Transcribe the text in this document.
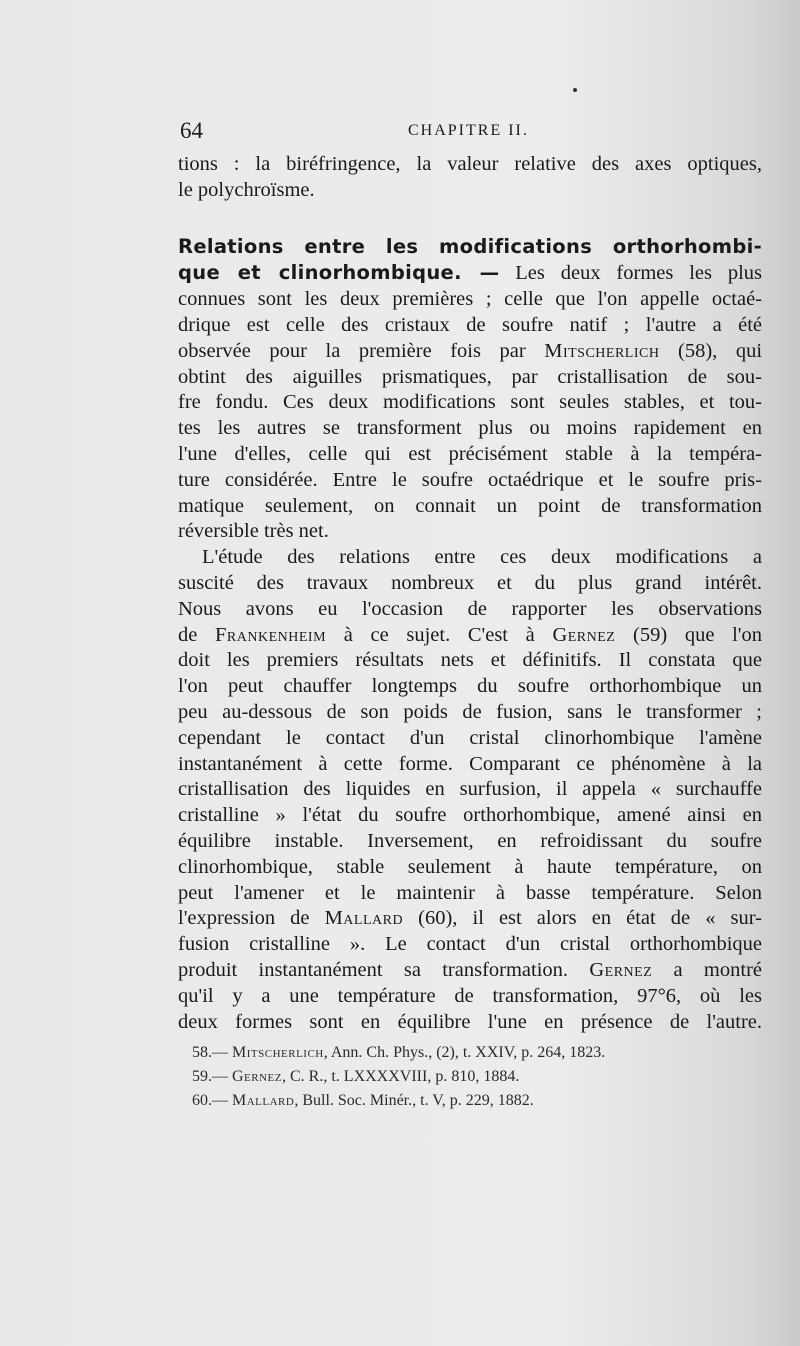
64	CHAPITRE II.
tions : la biréfringence, la valeur relative des axes optiques,
le polychroïsme.
Relations entre les modifications orthorhombi-
que et clinorhombique. — Les deux formes les plus
connues sont les deux premières ; celle que l'on appelle octaé-
drique est celle des cristaux de soufre natif ; l'autre a été
observée pour la première fois par Mitscherlich (58), qui
obtint des aiguilles prismatiques, par cristallisation de sou-
fre fondu. Ces deux modifications sont seules stables, et tou-
tes les autres se transforment plus ou moins rapidement en
l'une d'elles, celle qui est précisément stable à la tempéra-
ture considérée. Entre le soufre octaédrique et le soufre pris-
matique seulement, on connait un point de transformation
réversible très net.
L'étude des relations entre ces deux modifications a
suscité des travaux nombreux et du plus grand intérêt.
Nous avons eu l'occasion de rapporter les observations
de Frankenheim à ce sujet. C'est à Gernez (59) que l'on
doit les premiers résultats nets et définitifs. Il constata que
l'on peut chauffer longtemps du soufre orthorhombique un
peu au-dessous de son poids de fusion, sans le transformer ;
cependant le contact d'un cristal clinorhombique l'amène
instantanément à cette forme. Comparant ce phénomène à la
cristallisation des liquides en surfusion, il appela « surchauffe
cristalline » l'état du soufre orthorhombique, amené ainsi en
équilibre instable. Inversement, en refroidissant du soufre
clinorhombique, stable seulement à haute température, on
peut l'amener et le maintenir à basse température. Selon
l'expression de Mallard (60), il est alors en état de « sur-
fusion cristalline ». Le contact d'un cristal orthorhombique
produit instantanément sa transformation. Gernez a montré
qu'il y a une température de transformation, 97°6, où les
deux formes sont en équilibre l'une en présence de l'autre.
58.— Mitscherlich, Ann. Ch. Phys., (2), t. XXIV, p. 264, 1823.
59.— Gernez, C. R., t. LXXXXVIII, p. 810, 1884.
60.— Mallard, Bull. Soc. Minér., t. V, p. 229, 1882.
